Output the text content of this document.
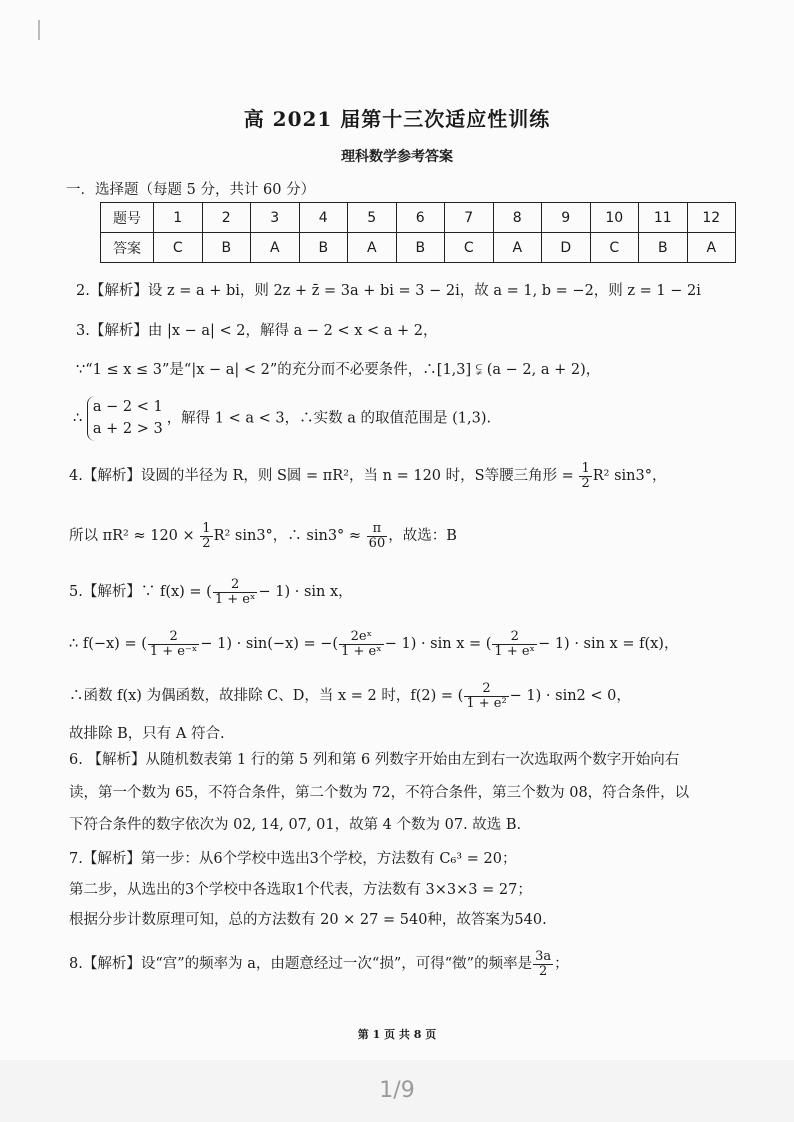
高 2021 届第十三次适应性训练
理科数学参考答案
一．选择题（每题 5 分，共计 60 分）
题号	1	2	3	4	5	6	7	8	9	10	11	12
答案	C	B	A	B	A	B	C	A	D	C	B	A
2.【解析】设 z = a + bi，则 2z + z̄ = 3a + bi = 3 − 2i，故 a = 1, b = −2，则 z = 1 − 2i
3.【解析】由 |x − a| < 2，解得 a − 2 < x < a + 2，
∵“1 ≤ x ≤ 3”是“|x − a| < 2”的充分而不必要条件，∴[1,3] ⫋ (a − 2, a + 2)，
∴
a − 2 < 1
a + 2 > 3
，解得 1 < a < 3，∴实数 a 的取值范围是 (1,3).
4.【解析】设圆的半径为 R，则 S圆 = πR²，当 n = 120 时，S等腰三角形 = $\frac{1}{2} R^2$ sin3°，
所以 $\pi R^2 \approx 120 \times \frac{1}{2} R^2$ sin3°，∴ $\sin 3^\circ \approx \frac{\pi}{60}$ ，故选：B
5.【解析】∵ f(x) = ( $\frac{2}{\text{1 + eˣ}} - 1) \cdot \sin x$，
∴ f(−x) = ( $\frac{2}{\text{1 + e⁻ˣ}} - 1) \cdot \sin(-x)$ = −( $\frac{\text{2eˣ}}{\text{1 + eˣ}} - 1) \cdot \sin x$ = ( $\frac{2}{\text{1 + eˣ}} - 1) \cdot \sin x = f(x)$，
∴函数 f(x) 为偶函数，故排除 C、D，当 x = 2 时，f(2) = ( $\frac{2}{\text{1 + e²}} - 1) \cdot \sin 2 < 0$，
故排除 B，只有 A 符合.
6. 【解析】从随机数表第 1 行的第 5 列和第 6 列数字开始由左到右一次选取两个数字开始向右
读，第一个数为 65，不符合条件，第二个数为 72，不符合条件，第三个数为 08，符合条件，以
下符合条件的数字依次为 02, 14, 07, 01，故第 4 个数为 07. 故选 B.
7.【解析】第一步：从6个学校中选出3个学校，方法数有 C₆³ = 20；
第二步，从选出的3个学校中各选取1个代表，方法数有 3×3×3 = 27；
根据分步计数原理可知，总的方法数有 20 × 27 = 540种，故答案为540.
8.【解析】设“宫”的频率为 a，由题意经过一次“损”，可得“徵”的频率是 $\frac{3a}{2}$ ；
第 1 页 共 8 页
1/9
